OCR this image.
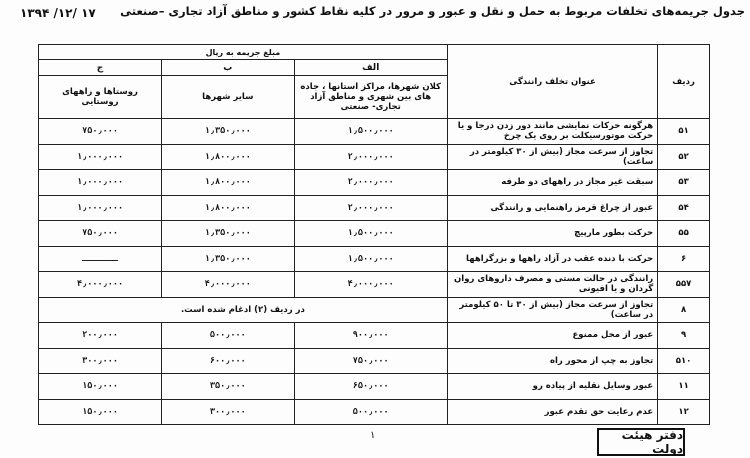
جدول جریمه‌های تخلفات مربوط به حمل و نقل و عبور و مرور در کلیه نقاط کشور و مناطق آزاد تجاری –صنعتی
۱۷ /۱۲/ ۱۳۹۴
ردیف	عنوان تخلف رانندگی	مبلغ جریمه به ریال		
		الف	ب	ج
		کلان شهرها، مراکز استانها ، جاده های بین شهری و مناطق آزاد تجاری- صنعتی	سایر شهرها	روستاها و راههای روستایی
۵۱	هرگونه حرکات نمایشی مانند دور زدن درجا و یا حرکت موتورسیکلت بر روی یک چرخ	۱٫۵۰۰٫۰۰۰	۱٫۳۵۰٫۰۰۰	۷۵۰٫۰۰۰
۵۲	تجاوز از سرعت مجاز (بیش از ۳۰ کیلومتر در ساعت)	۲٫۰۰۰٫۰۰۰	۱٫۸۰۰٫۰۰۰	۱٫۰۰۰٫۰۰۰
۵۳	سبقت غیر مجاز در راههای دو طرفه	۲٫۰۰۰٫۰۰۰	۱٫۸۰۰٫۰۰۰	۱٫۰۰۰٫۰۰۰
۵۴	عبور از چراغ قرمز راهنمایی و رانندگی	۲٫۰۰۰٫۰۰۰	۱٫۸۰۰٫۰۰۰	۱٫۰۰۰٫۰۰۰
۵۵	حرکت بطور مارپیچ	۱٫۵۰۰٫۰۰۰	۱٫۳۵۰٫۰۰۰	۷۵۰٫۰۰۰
۶	حرکت با دنده عقب در آزاد راهها و بزرگراهها	۱٫۵۰۰٫۰۰۰	۱٫۳۵۰٫۰۰۰	ـــــــ
۵۵۷	رانندگی در حالت مستی و مصرف داروهای روان گردان و یا افیونی	۴٫۰۰۰٫۰۰۰	۴٫۰۰۰٫۰۰۰	۴٫۰۰۰٫۰۰۰
۸	تجاوز از سرعت مجاز (بیش از ۳۰ تا ۵۰ کیلومتر در ساعت)	در ردیف (۲) ادغام شده است.		
۹	عبور از محل ممنوع	۹۰۰٫۰۰۰	۵۰۰٫۰۰۰	۲۰۰٫۰۰۰
۵۱۰	تجاوز به چپ از محور راه	۷۵۰٫۰۰۰	۶۰۰٫۰۰۰	۳۰۰٫۰۰۰
۱۱	عبور وسایل نقلیه از پیاده رو	۶۵۰٫۰۰۰	۳۵۰٫۰۰۰	۱۵۰٫۰۰۰
۱۲	عدم رعایت حق تقدم عبور	۵۰۰٫۰۰۰	۳۰۰٫۰۰۰	۱۵۰٫۰۰۰
۱	دفتر هیئت دولت
